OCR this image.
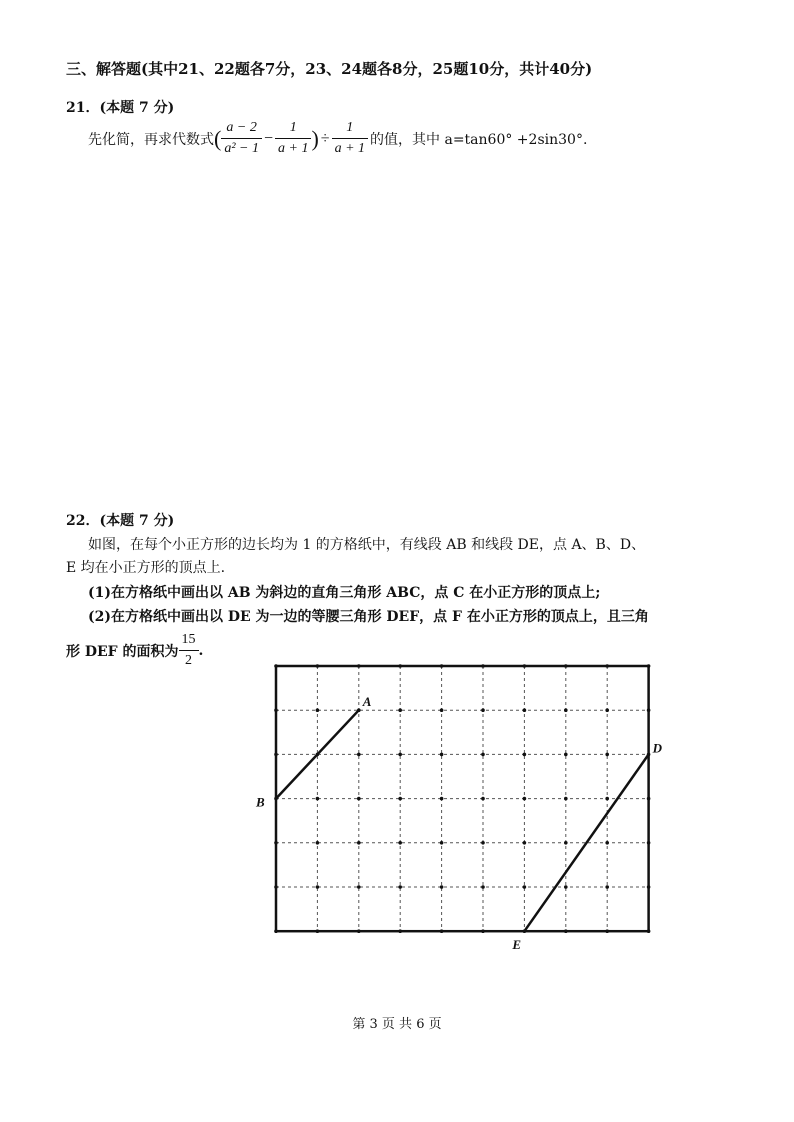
三、解答题(其中21、22题各7分，23、24题各8分，25题10分，共计40分)
21．(本题 7 分)
先化简，再求代数式 ( $\frac{a - 2}{\text{a² − 1}} - \frac{1}{a + 1}$ ) ÷ $\frac{1}{a + 1}$ 的值，其中 a=tan60° +2sin30°.
22．(本题 7 分)
如图，在每个小正方形的边长均为 1 的方格纸中，有线段 AB 和线段 DE，点 A、B、D、
E 均在小正方形的顶点上.
(1)在方格纸中画出以 AB 为斜边的直角三角形 ABC，点 C 在小正方形的顶点上;
(2)在方格纸中画出以 DE 为一边的等腰三角形 DEF，点 F 在小正方形的顶点上，且三角
形 DEF 的面积为 $\frac{15}{2}$ .
A
B
D
E
第 3 页 共 6 页
